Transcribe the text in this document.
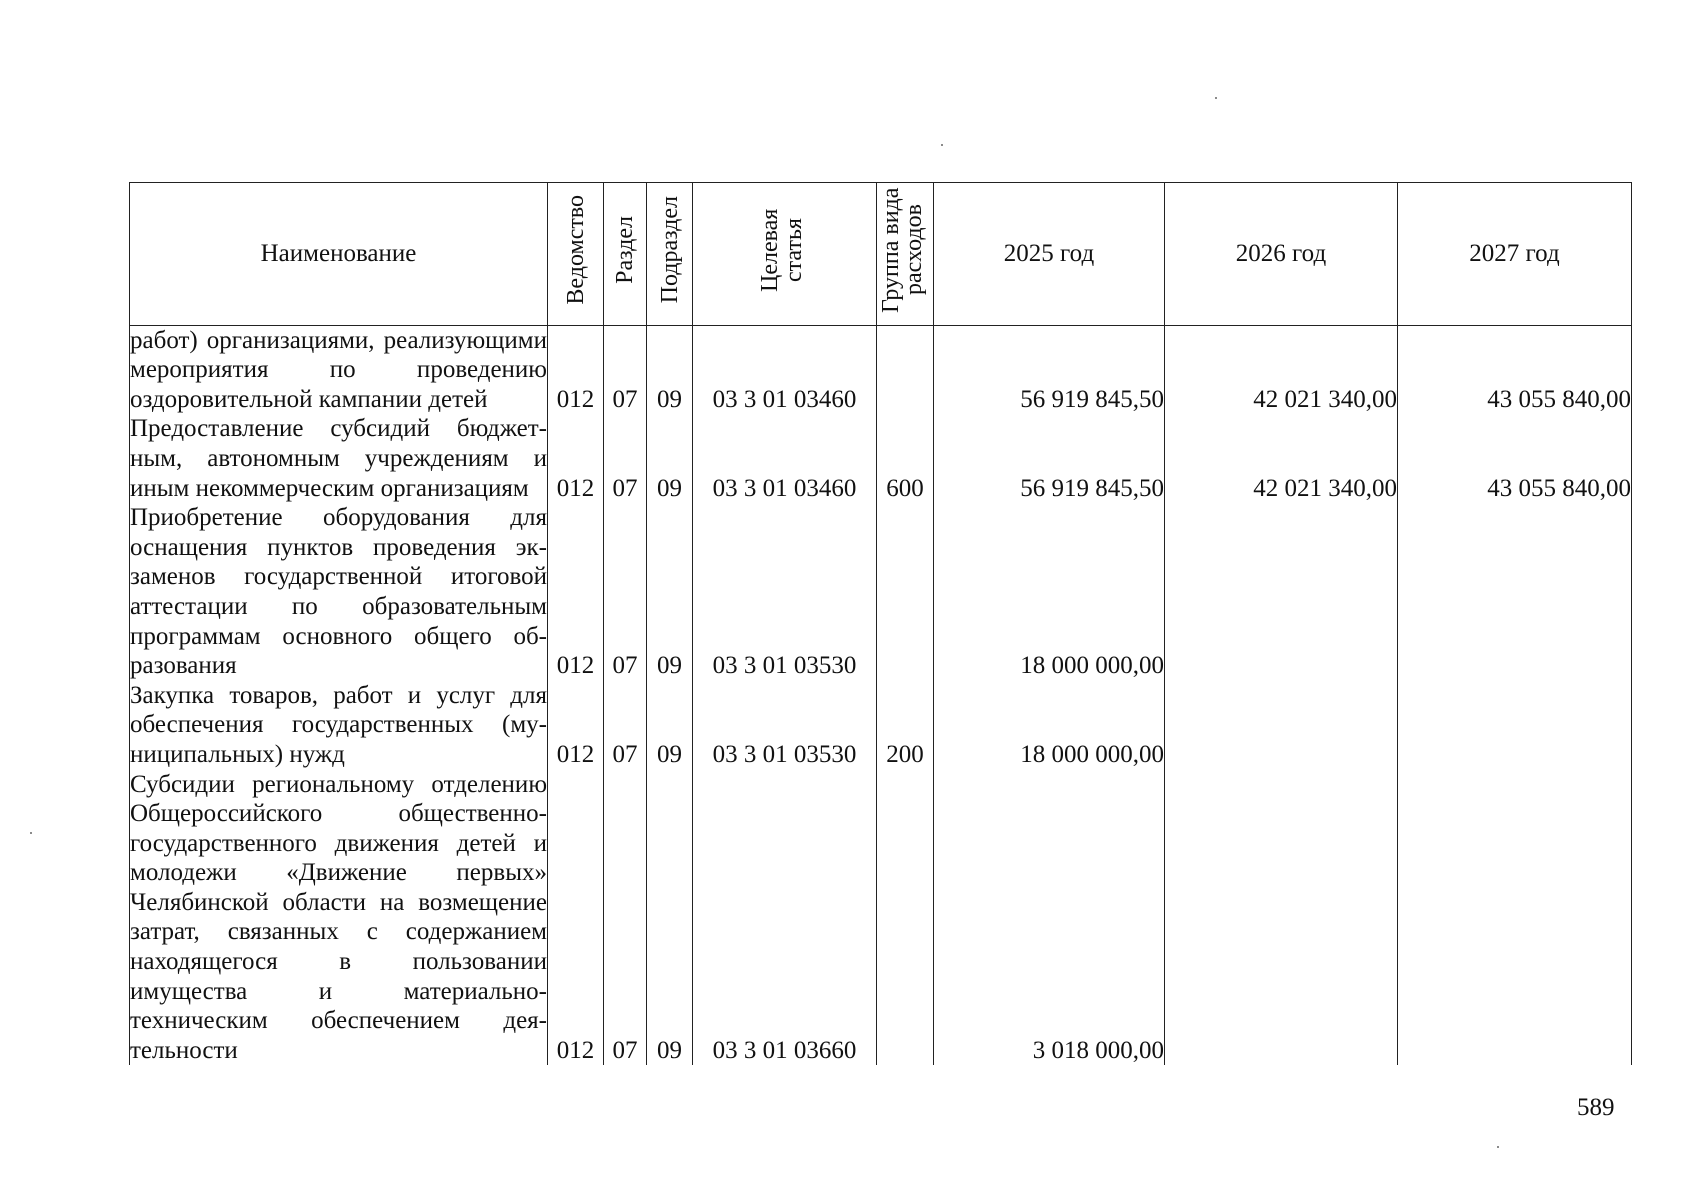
Наименование	Ведомство	Раздел	Подраздел	Целевая статья	Группа вида расходов	2025 год	2026 год	2027 год
работ) организациями, реализующими мероприятия по проведению оздоровительной кампании детей	012	07	09	03 3 01 03460		56 919 845,50	42 021 340,00	43 055 840,00
Предоставление субсидий бюджетным, автономным учреждениям и иным некоммерческим организациям	012	07	09	03 3 01 03460	600	56 919 845,50	42 021 340,00	43 055 840,00
Приобретение оборудования для оснащения пунктов проведения экзаменов государственной итоговой аттестации по образовательным программам основного общего образования	012	07	09	03 3 01 03530		18 000 000,00		
Закупка товаров, работ и услуг для обеспечения государственных (муниципальных) нужд	012	07	09	03 3 01 03530	200	18 000 000,00		
Субсидии региональному отделению Общероссийского общественно-государственного движения детей и молодежи «Движение первых» Челябинской области на возмещение затрат, связанных с содержанием находящегося в пользовании имущества и материально-техническим обеспечением деятельности	012	07	09	03 3 01 03660		3 018 000,00		
589
